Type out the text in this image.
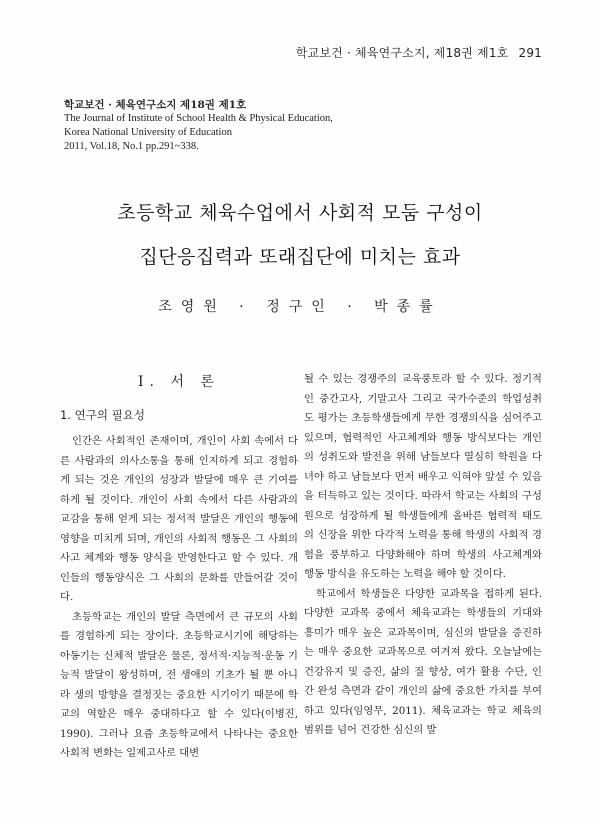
학교보건 · 체육연구소지, 제18권 제1호 291
학교보건 · 체육연구소지 제18권 제1호
The Journal of Institute of School Health & Physical Education,
Korea National University of Education
2011, Vol.18, No.1 pp.291~338.
초등학교 체육수업에서 사회적 모둠 구성이
집단응집력과 또래집단에 미치는 효과
조영원 · 정구인 · 박종률
Ⅰ. 서 론
1. 연구의 필요성

인간은 사회적인 존재이며, 개인이 사회 속에서 다른 사람과의 의사소통을 통해 인지하게 되고 경험하게 되는 것은 개인의 성장과 발달에 매우 큰 기여를 하게 될 것이다. 개인이 사회 속에서 다른 사람과의 교감을 통해 얻게 되는 정서적 발달은 개인의 행동에 영향을 미치게 되며, 개인의 사회적 행동은 그 사회의 사고 체계와 행동 양식을 반영한다고 할 수 있다. 개인들의 행동양식은 그 사회의 문화를 만들어갈 것이다.

초등학교는 개인의 발달 측면에서 큰 규모의 사회를 경험하게 되는 장이다. 초등학교시기에 해당하는 아동기는 신체적 발달은 물론, 정서적·지능적·운동 기능적 발달이 왕성하며, 전 생애의 기초가 될 뿐 아니라 생의 방향을 결정짓는 중요한 시기이기 때문에 학교의 역할은 매우 중대하다고 할 수 있다(이병진, 1990). 그러나 요즘 초등학교에서 나타나는 중요한 사회적 변화는 일제고사로 대변

될 수 있는 경쟁주의 교육풍토라 할 수 있다. 정기적인 중간고사, 기말고사 그리고 국가수준의 학업성취도 평가는 초등학생들에게 무한 경쟁의식을 심어주고 있으며, 협력적인 사고체계와 행동 방식보다는 개인의 성취도와 발전을 위해 남들보다 열심히 학원을 다녀야 하고 남들보다 먼저 배우고 익혀야 앞설 수 있음을 터득하고 있는 것이다. 따라서 학교는 사회의 구성원으로 성장하게 될 학생들에게 올바른 협력적 태도의 신장을 위한 다각적 노력을 통해 학생의 사회적 경험을 풍부하고 다양화해야 하며 학생의 사고체계와 행동 방식을 유도하는 노력을 해야 할 것이다.

학교에서 학생들은 다양한 교과목을 접하게 된다. 다양한 교과목 중에서 체육교과는 학생들의 기대와 흥미가 매우 높은 교과목이며, 심신의 발달을 증진하는 매우 중요한 교과목으로 여겨져 왔다. 오늘날에는 건강유지 및 증진, 삶의 질 향상, 여가 활용 수단, 인간 완성 측면과 같이 개인의 삶에 중요한 가치를 부여하고 있다(임영무, 2011). 체육교과는 학교 체육의 범위를 넘어 건강한 심신의 발
